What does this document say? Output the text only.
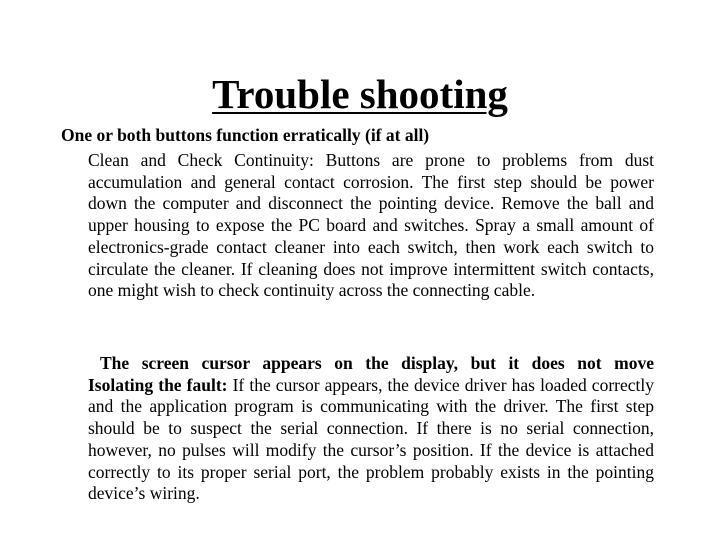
Trouble shooting

One or both buttons function erratically (if at all)

Clean and Check Continuity: Buttons are prone to problems from dust accumulation and general contact corrosion. The first step should be power down the computer and disconnect the pointing device. Remove the ball and upper housing to expose the PC board and switches. Spray a small amount of electronics-grade contact cleaner into each switch, then work each switch to circulate the cleaner. If cleaning does not improve intermittent switch contacts, one might wish to check continuity across the connecting cable.

The screen cursor appears on the display, but it does not move
Isolating the fault: If the cursor appears, the device driver has loaded correctly and the application program is communicating with the driver. The first step should be to suspect the serial connection. If there is no serial connection, however, no pulses will modify the cursor’s position. If the device is attached correctly to its proper serial port, the problem probably exists in the pointing device’s wiring.
